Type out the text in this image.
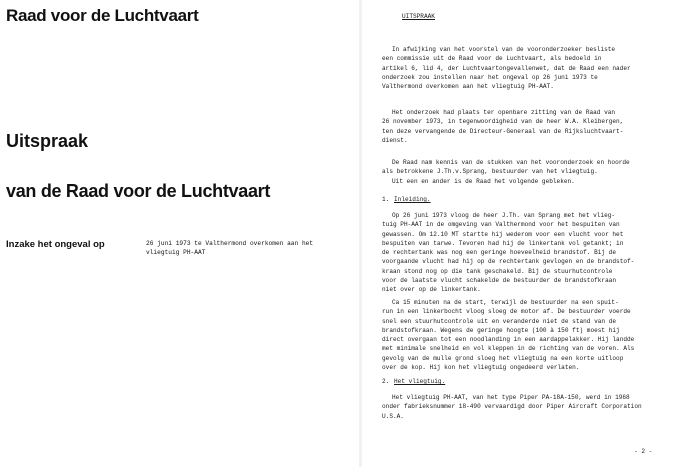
Raad voor de Luchtvaart
Uitspraak
van de Raad voor de Luchtvaart
Inzake het ongeval op	26 juni 1973 te Valthermond overkomen aan het
vliegtuig PH-AAT
UITSPRAAK
In afwijking van het voorstel van de vooronderzoeker besliste
een commissie uit de Raad voor de Luchtvaart, als bedoeld in
artikel 6, lid 4, der Luchtvaartongevallenwet, dat de Raad een nader
onderzoek zou instellen naar het ongeval op 26 juni 1973 te
Valthermond overkomen aan het vliegtuig PH-AAT.
Het onderzoek had plaats ter openbare zitting van de Raad van
26 november 1973, in tegenwoordigheid van de heer W.A. Kleibergen,
ten deze vervangende de Directeur-Generaal van de Rijksluchtvaart-
dienst.
De Raad nam kennis van de stukken van het vooronderzoek en hoorde
als betrokkene J.Th.v.Sprang, bestuurder van het vliegtuig.
Uit een en ander is de Raad het volgende gebleken.
1. Inleiding.
Op 26 juni 1973 vloog de heer J.Th. van Sprang met het vlieg-
tuig PH-AAT in de omgeving van Valthermond voor het bespuiten van
gewassen. Om 12.10 MT startte hij wederom voor een vlucht voor het
bespuiten van tarwe. Tevoren had hij de linkertank vol getankt; in
de rechtertank was nog een geringe hoeveelheid brandstof. Bij de
voorgaande vlucht had hij op de rechtertank gevlogen en de brandstof-
kraan stond nog op die tank geschakeld. Bij de stuurhutcontrole
voor de laatste vlucht schakelde de bestuurder de brandstofkraan
niet over op de linkertank.
Ca 15 minuten na de start, terwijl de bestuurder na een spuit-
run in een linkerbocht vloog sloeg de motor af. De bestuurder voerde
snel een stuurhutcontrole uit en veranderde niet de stand van de
brandstofkraan. Wegens de geringe hoogte (100 à 150 ft) moest hij
direct overgaan tot een noodlanding in een aardappelakker. Hij landde
met minimale snelheid en vol kleppen in de richting van de voren. Als
gevolg van de mulle grond sloeg het vliegtuig na een korte uitloop
over de kop. Hij kon het vliegtuig ongedeerd verlaten.
2. Het vliegtuig.
Het vliegtuig PH-AAT, van het type Piper PA-18A-150, werd in 1968
onder fabrieksnummer 18-490 vervaardigd door Piper Aircraft Corporation
U.S.A.
- 2 -
